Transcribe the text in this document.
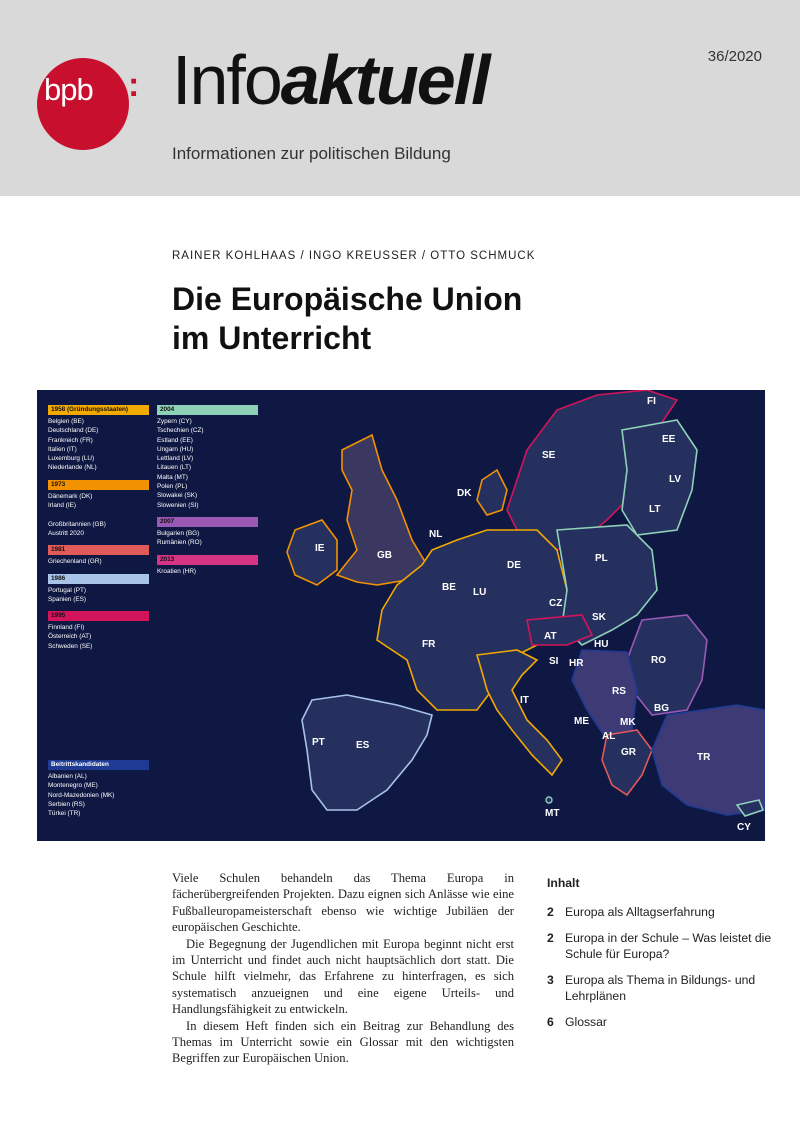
bpb : Infoaktuell	36/2020
Informationen zur politischen Bildung
RAINER KOHLHAAS / INGO KREUSSER / OTTO SCHMUCK
Die Europäische Union
im Unterricht
1958 (Gründungsstaaten)
Belgien (BE)
Deutschland (DE)
Frankreich (FR)
Italien (IT)
Luxemburg (LU)
Niederlande (NL)
1973
Dänemark (DK)
Irland (IE)

Großbritannien (GB)
Austritt 2020
1981
Griechenland (GR)
1986
Portugal (PT)
Spanien (ES)
1995
Finnland (FI)
Österreich (AT)
Schweden (SE)
2004
Zypern (CY)
Tschechien (CZ)
Estland (EE)
Ungarn (HU)
Lettland (LV)
Litauen (LT)
Malta (MT)
Polen (PL)
Slowakei (SK)
Slowenien (SI)
2007
Bulgarien (BG)
Rumänien (RO)
2013
Kroatien (HR)
Beitrittskandidaten
Albanien (AL)
Montenegro (ME)
Nord-Mazedonien (MK)
Serbien (RS)
Türkei (TR)
FI
EE
SE
LV
DK
LT
IE
GB
NL
DE
PL
BE LU
CZ
FR
SK
AT
HU
RO
SI HR
RS
IT
BG
ME	MK
AL
PT	ES
GR	TR
MT
CY

Viele Schulen behandeln das Thema Europa in fächerübergreifenden Projekten. Dazu eignen sich Anlässe wie eine Fußballeuropameisterschaft ebenso wie wichtige Jubiläen der europäischen Geschichte.

Die Begegnung der Jugendlichen mit Europa beginnt nicht erst im Unterricht und findet auch nicht hauptsächlich dort statt. Die Schule hilft vielmehr, das Erfahrene zu hinterfragen, es sich systematisch anzueignen und eine eigene Urteils- und Handlungsfähigkeit zu entwickeln.

In diesem Heft finden sich ein Beitrag zur Behandlung des Themas im Unterricht sowie ein Glossar mit den wichtigsten Begriffen zur Europäischen Union.

Inhalt
2 Europa als Alltagserfahrung
2 Europa in der Schule – Was leistet die Schule für Europa?
3 Europa als Thema in Bildungs- und Lehrplänen
6 Glossar
